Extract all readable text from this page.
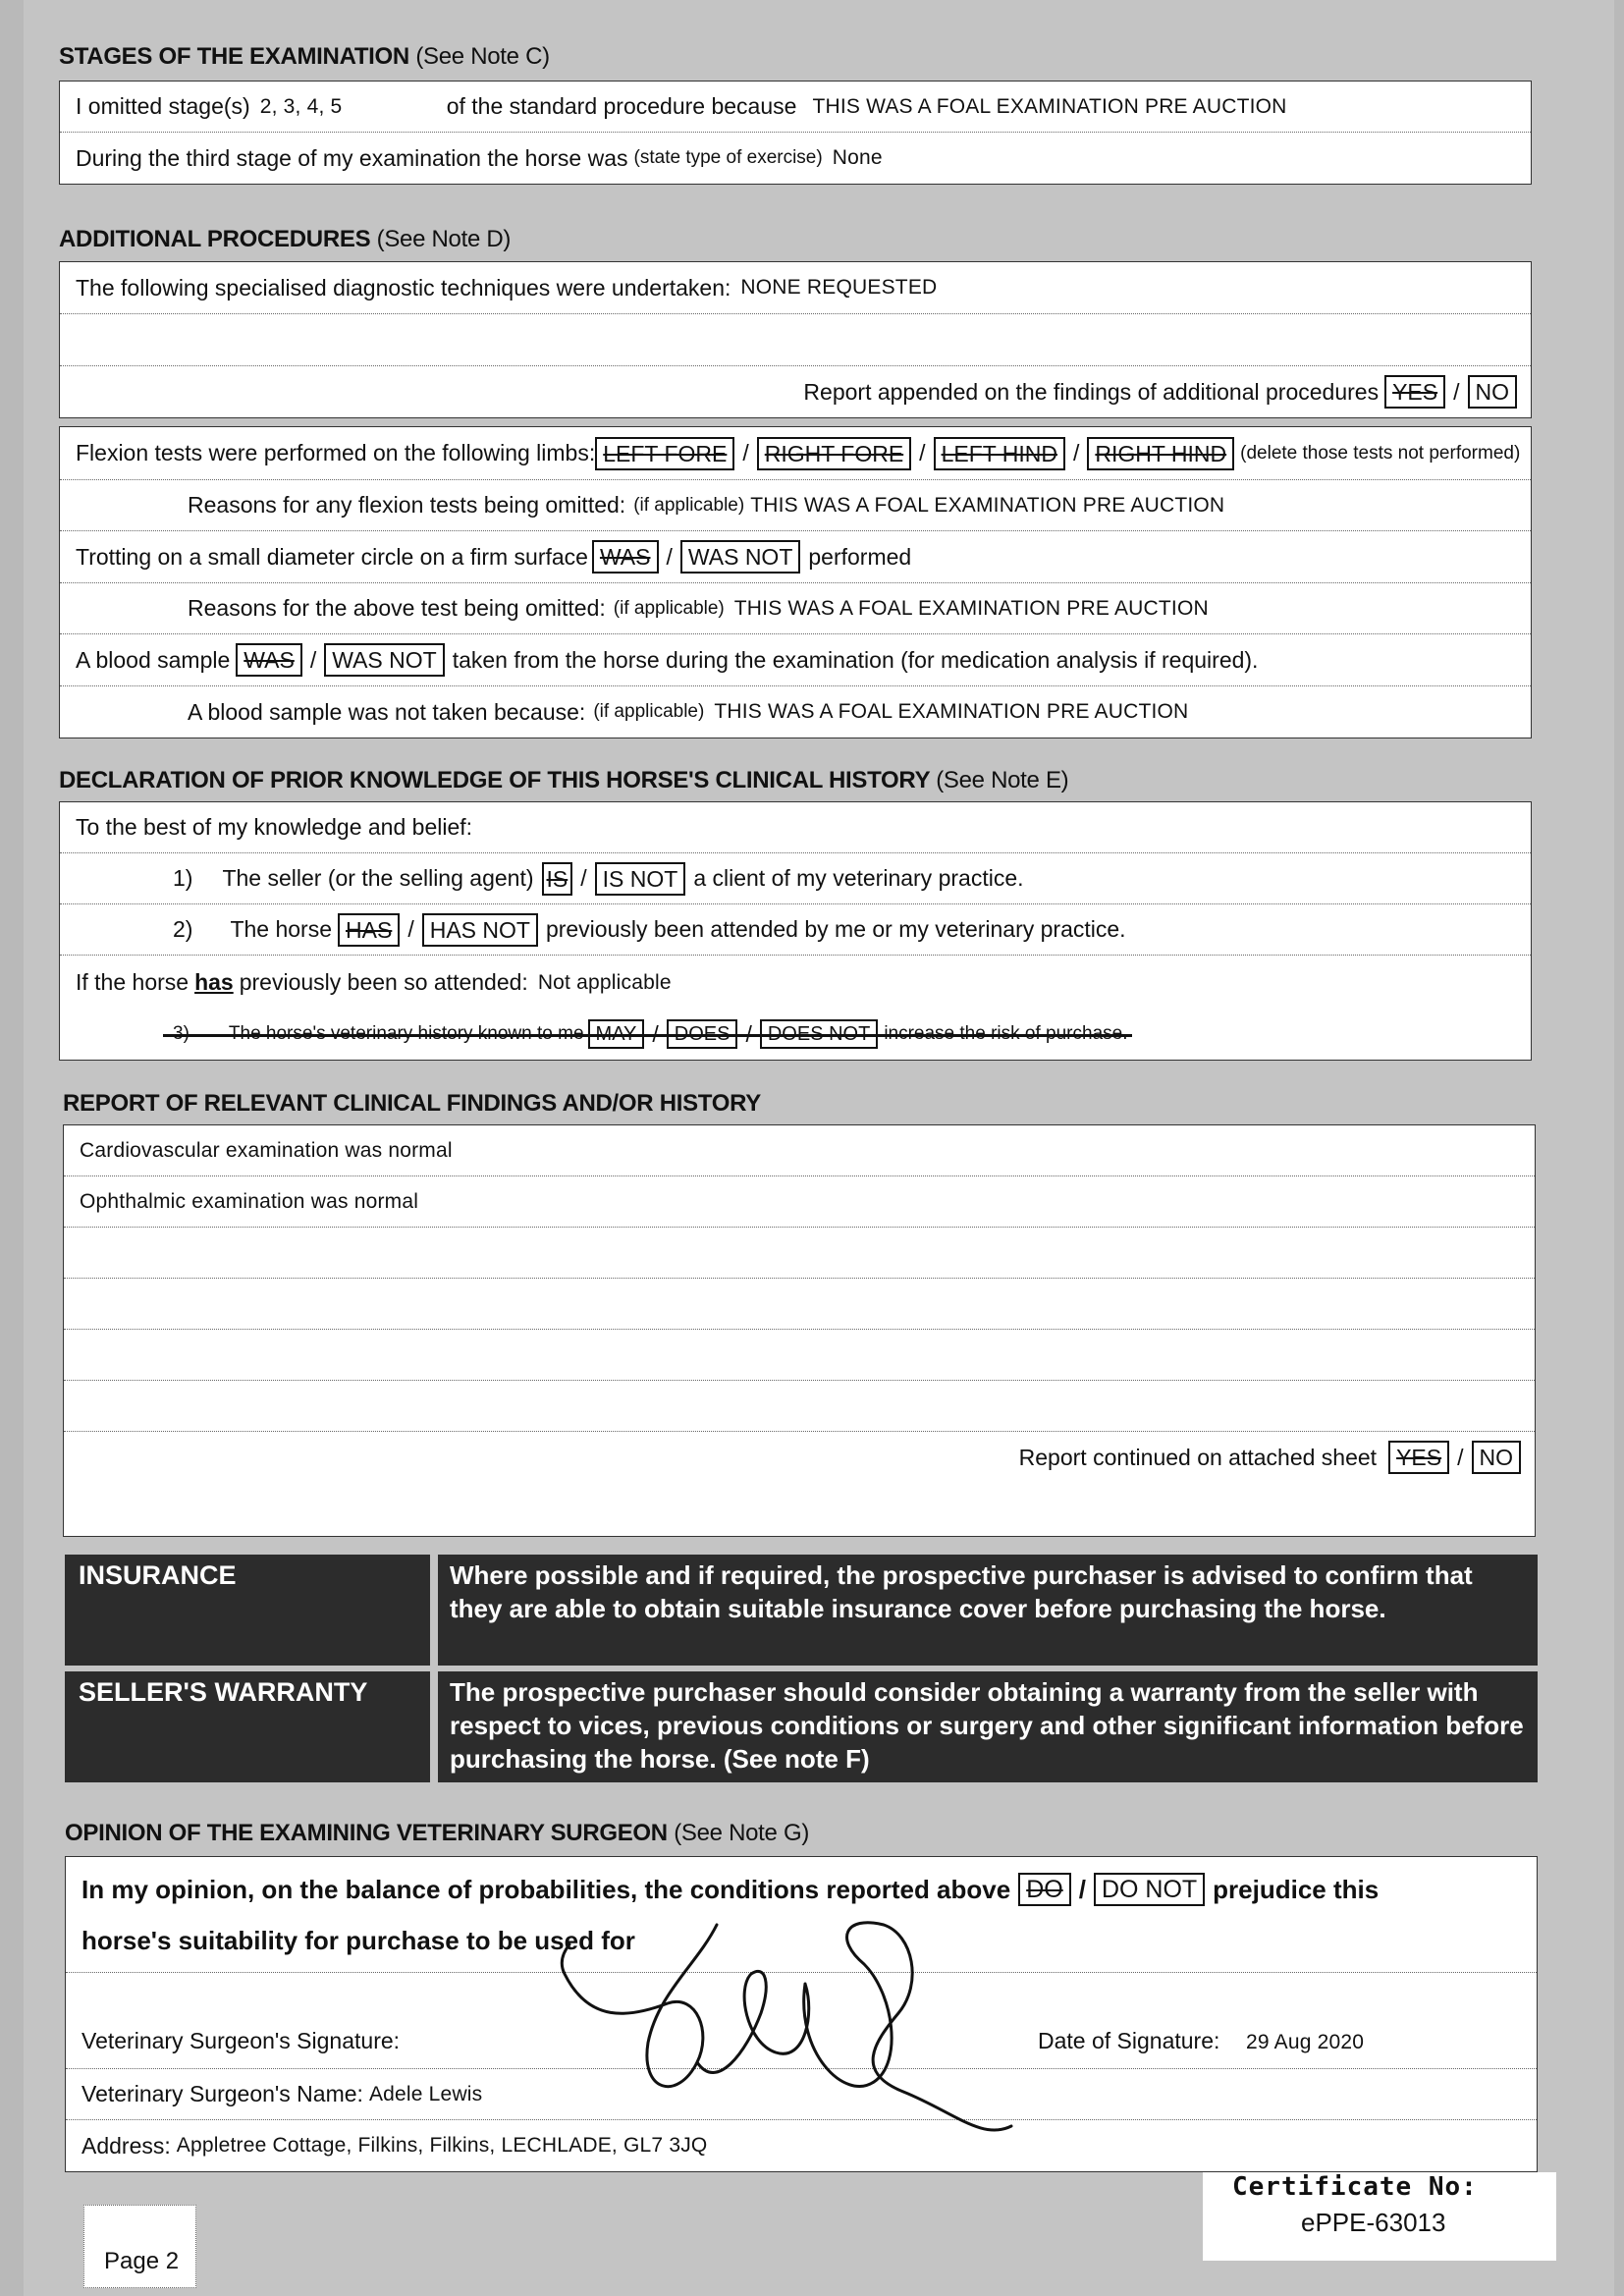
STAGES OF THE EXAMINATION (See Note C)
I omitted stage(s) 2, 3, 4, 5	of the standard procedure because THIS WAS A FOAL EXAMINATION PRE AUCTION
During the third stage of my examination the horse was (state type of exercise) None
ADDITIONAL PROCEDURES (See Note D)
The following specialised diagnostic techniques were undertaken: NONE REQUESTED
Report appended on the findings of additional procedures YES / NO
Flexion tests were performed on the following limbs: LEFT FORE / RIGHT FORE / LEFT HIND / RIGHT HIND (delete those tests not performed)
Reasons for any flexion tests being omitted: (if applicable) THIS WAS A FOAL EXAMINATION PRE AUCTION
Trotting on a small diameter circle on a firm surface WAS / WAS NOT performed
Reasons for the above test being omitted: (if applicable) THIS WAS A FOAL EXAMINATION PRE AUCTION
A blood sample WAS / WAS NOT taken from the horse during the examination (for medication analysis if required).
A blood sample was not taken because: (if applicable) THIS WAS A FOAL EXAMINATION PRE AUCTION
DECLARATION OF PRIOR KNOWLEDGE OF THIS HORSE'S CLINICAL HISTORY (See Note E)
To the best of my knowledge and belief:
1) The seller (or the selling agent) IS / IS NOT a client of my veterinary practice.
2) The horse HAS / HAS NOT previously been attended by me or my veterinary practice.
If the horse has previously been so attended: Not applicable
REPORT OF RELEVANT CLINICAL FINDINGS AND/OR HISTORY
Cardiovascular examination was normal
Ophthalmic examination was normal
Report continued on attached sheet YES / NO
INSURANCE	Where possible and if required, the prospective purchaser is advised to confirm that they are able to obtain suitable insurance cover before purchasing the horse.
SELLER'S WARRANTY	The prospective purchaser should consider obtaining a warranty from the seller with respect to vices, previous conditions or surgery and other significant information before purchasing the horse. (See note F)
OPINION OF THE EXAMINING VETERINARY SURGEON (See Note G)
In my opinion, on the balance of probabilities, the conditions reported above DO / DO NOT prejudice this
horse's suitability for purchase to be used for
Veterinary Surgeon's Signature:	Date of Signature: 29 Aug 2020
Veterinary Surgeon's Name: Adele Lewis
Address: Appletree Cottage, Filkins, Filkins, LECHLADE, GL7 3JQ
Page 2
Certificate No:
ePPE-63013
